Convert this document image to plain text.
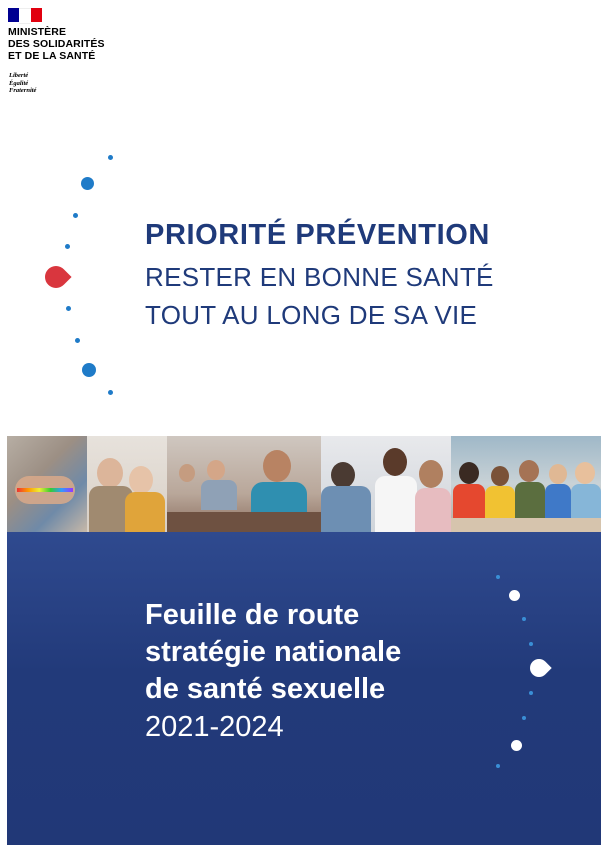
MINISTÈRE
DES SOLIDARITÉS
ET DE LA SANTÉ
Liberté
Égalité
Fraternité
PRIORITÉ PRÉVENTION
RESTER EN BONNE SANTÉ
TOUT AU LONG DE SA VIE
Feuille de route
stratégie nationale
de santé sexuelle
2021-2024
